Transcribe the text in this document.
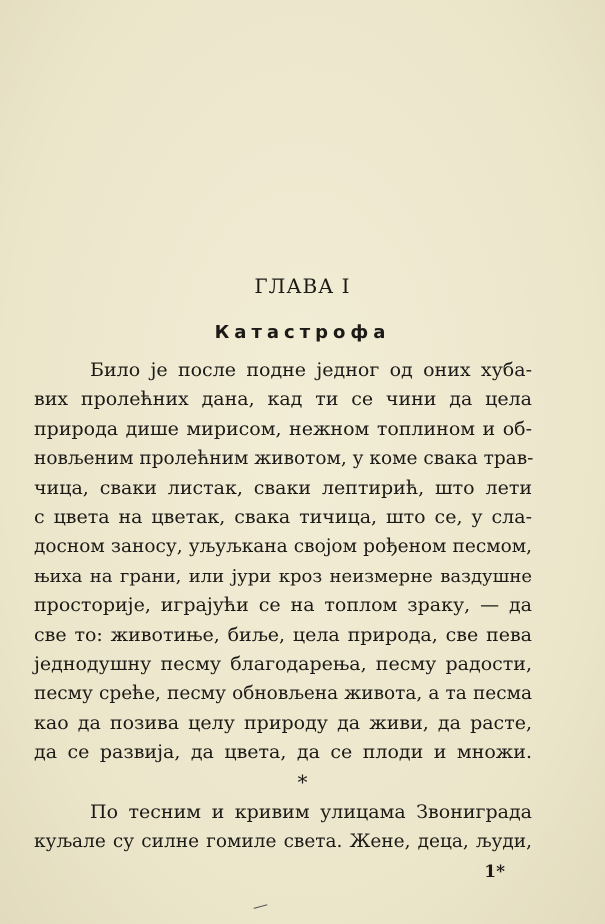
ГЛАВА I
Катастрофа
Било је после подне једног од оних хуба-
вих пролећних дана, кад ти се чини да цела
природа дише мирисом, нежном топлином и об-
новљеним пролећним животом, у коме свака трав-
чица, сваки листак, сваки лептирић, што лети
с цвета на цветак, свака тичица, што се, у сла-
досном заносу, уљуљкана својом рођеном песмом,
њиха на грани, или јури кроз неизмерне ваздушне
просторије, играјући се на топлом зраку, — да
све то: животиње, биље, цела природа, све пева
једнодушну песму благодарења, песму радости,
песму среће, песму обновљена живота, а та песма
као да позива целу природу да живи, да расте,
да се развија, да цвета, да се плоди и множи.
*
По тесним и кривим улицама Звониграда
куљале су силне гомиле света. Жене, деца, људи,
1*
